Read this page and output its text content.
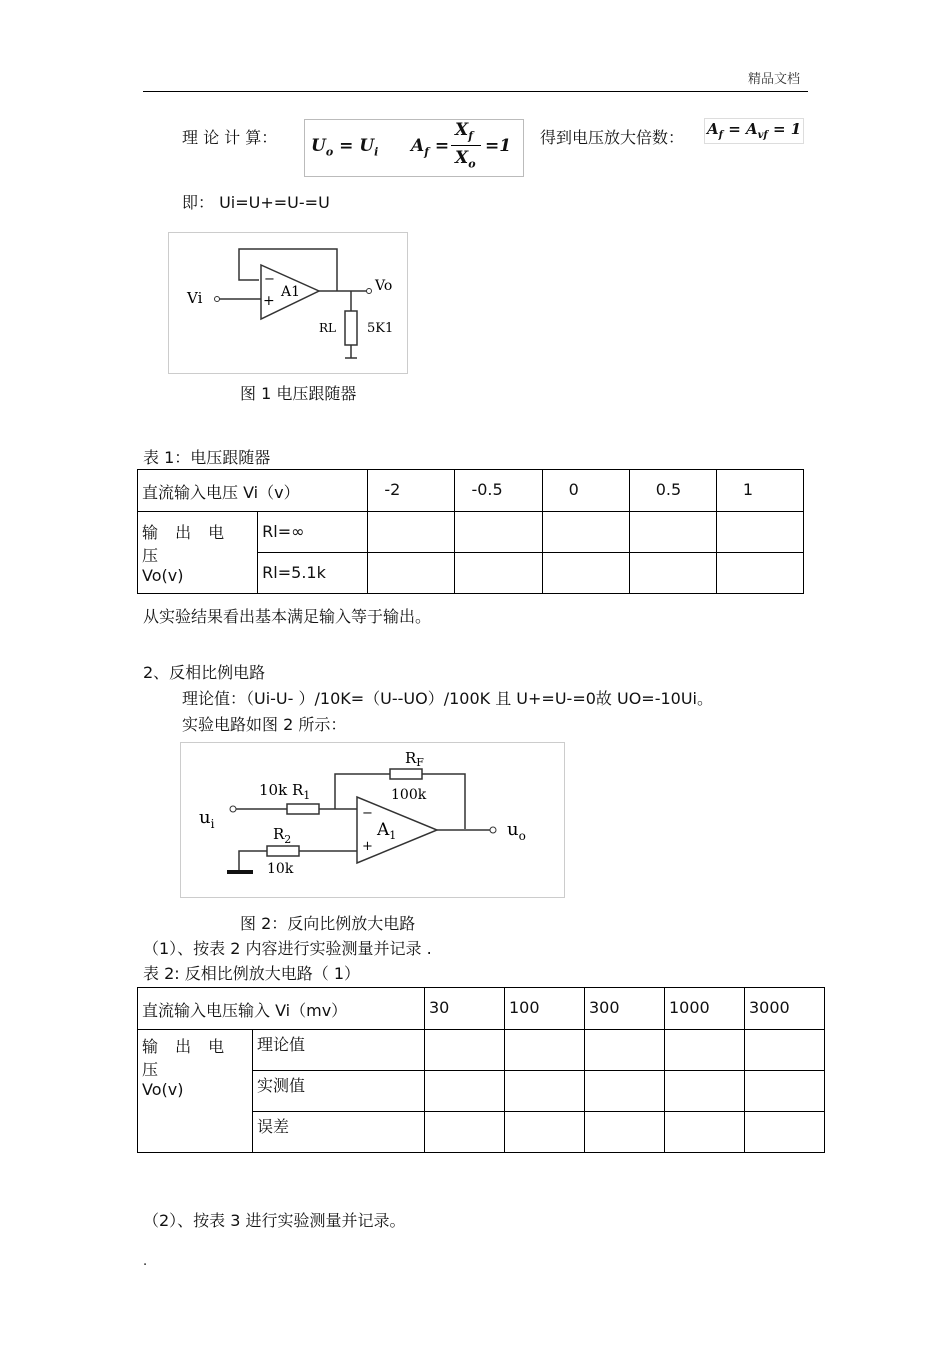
精品文档
理 论 计 算： $U_o = U_i$ $A_f$ =
$X_f$
$X_o$
=1 得到电压放大倍数： $A_f = A_{vf} = 1$
即： Ui=U+=U-=U
Vi
Vo
−
+
A1
RL 5K1
图 1 电压跟随器
表 1：电压跟随器
直流输入电压 Vi（v）		-2	-0.5	0	0.5	1

输 出 电 压
Vo(v)	Rl=∞					
	Rl=5.1k					
从实验结果看出基本满足输入等于输出。
2、反相比例电路
理论值：（Ui-U- ）/10K=（U--UO）/100K 且 U+=U-=0故 UO=-10Ui。
实验电路如图 2 所示：
$R_F$
100k
10k $R_1$
$R_2$
10k
$u_i$	$u_o$
−
+
$A_1$
图 2：反向比例放大电路
（1）、按表 2 内容进行实验测量并记录 .
表 2: 反相比例放大电路（ 1）
直流输入电压输入 Vi（mv）		30	100	300	1000	3000

输 出 电 压
Vo(v)	理论值					
	实测值					
	误差					
（2）、按表 3 进行实验测量并记录。
.
